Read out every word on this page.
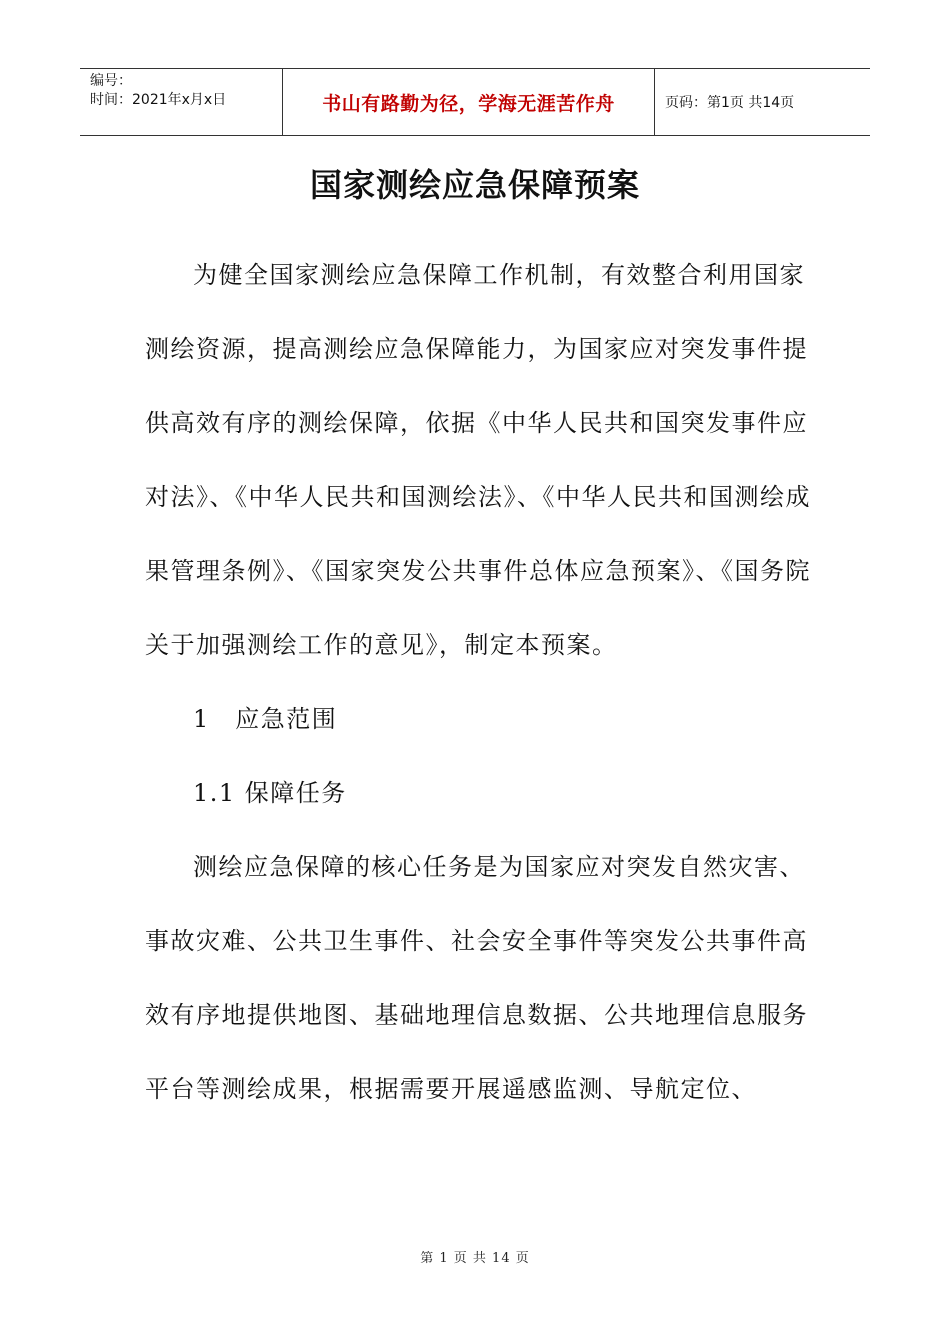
编号：
时间：2021年x月x日	书山有路勤为径，学海无涯苦作舟	页码：第1页 共14页
国家测绘应急保障预案

为健全国家测绘应急保障工作机制，有效整合利用国家测绘资源，提高测绘应急保障能力，为国家应对突发事件提供高效有序的测绘保障，依据《中华人民共和国突发事件应对法》、《中华人民共和国测绘法》、《中华人民共和国测绘成果管理条例》、《国家突发公共事件总体应急预案》、《国务院关于加强测绘工作的意见》，制定本预案。

1　应急范围

1.1 保障任务

测绘应急保障的核心任务是为国家应对突发自然灾害、事故灾难、公共卫生事件、社会安全事件等突发公共事件高效有序地提供地图、基础地理信息数据、公共地理信息服务平台等测绘成果，根据需要开展遥感监测、导航定位、

第 1 页 共 14 页
